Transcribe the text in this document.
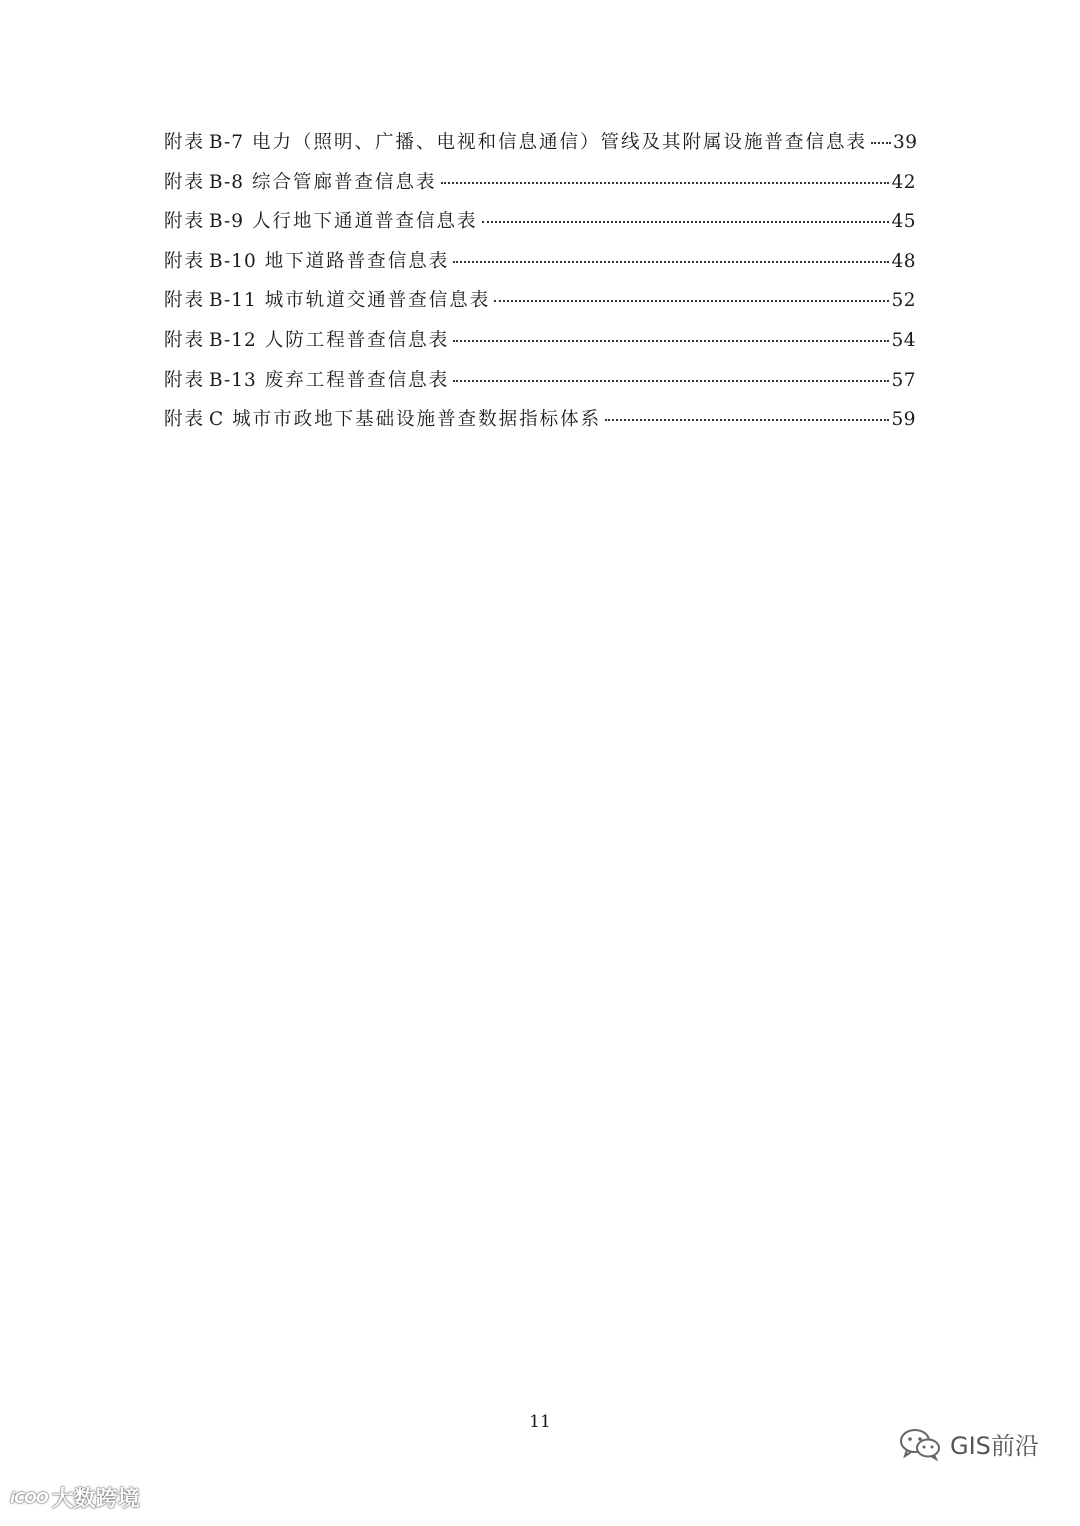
附表 B-7 电力（照明、广播、电视和信息通信）管线及其附属设施普查信息表 39
附表 B-8 综合管廊普查信息表	42
附表 B-9 人行地下通道普查信息表	45
附表 B-10 地下道路普查信息表	48
附表 B-11 城市轨道交通普查信息表	52
附表 B-12 人防工程普查信息表	54
附表 B-13 废弃工程普查信息表	57
附表 C 城市市政地下基础设施普查数据指标体系	59
11
GIS前沿
iCOO 大数跨境
